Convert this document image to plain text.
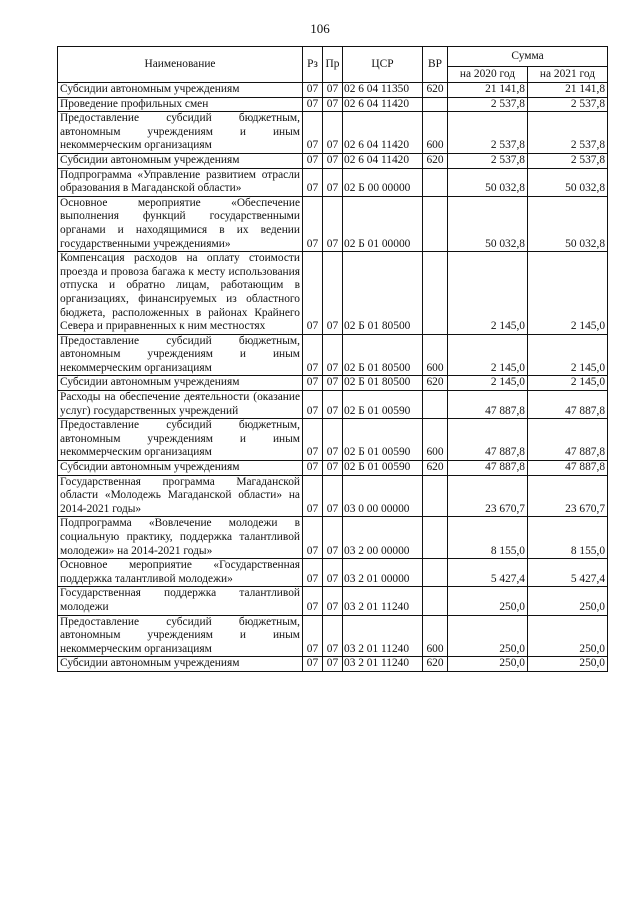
106
Наименование	Рз	Пр	ЦСР	ВР	Сумма	
					на 2020 год	на 2021 год
Субсидии автономным учреждениям	07	07	02 6 04 11350	620	21 141,8	21 141,8
Проведение профильных смен	07	07	02 6 04 11420		2 537,8	2 537,8
Предоставление субсидий бюджетным, автономным учреждениям и иным некоммерческим организациям	07	07	02 6 04 11420	600	2 537,8	2 537,8
Субсидии автономным учреждениям	07	07	02 6 04 11420	620	2 537,8	2 537,8
Подпрограмма «Управление развитием отрасли образования в Магаданской области»	07	07	02 Б 00 00000		50 032,8	50 032,8
Основное мероприятие «Обеспечение выполнения функций государственными органами и находящимися в их ведении государственными учреждениями»	07	07	02 Б 01 00000		50 032,8	50 032,8
Компенсация расходов на оплату стоимости проезда и провоза багажа к месту использования отпуска и обратно лицам, работающим в организациях, финансируемых из областного бюджета, расположенных в районах Крайнего Севера и приравненных к ним местностях	07	07	02 Б 01 80500		2 145,0	2 145,0
Предоставление субсидий бюджетным, автономным учреждениям и иным некоммерческим организациям	07	07	02 Б 01 80500	600	2 145,0	2 145,0
Субсидии автономным учреждениям	07	07	02 Б 01 80500	620	2 145,0	2 145,0
Расходы на обеспечение деятельности (оказание услуг) государственных учреждений	07	07	02 Б 01 00590		47 887,8	47 887,8
Предоставление субсидий бюджетным, автономным учреждениям и иным некоммерческим организациям	07	07	02 Б 01 00590	600	47 887,8	47 887,8
Субсидии автономным учреждениям	07	07	02 Б 01 00590	620	47 887,8	47 887,8
Государственная программа Магаданской области «Молодежь Магаданской области» на 2014-2021 годы»	07	07	03 0 00 00000		23 670,7	23 670,7
Подпрограмма «Вовлечение молодежи в социальную практику, поддержка талантливой молодежи» на 2014-2021 годы»	07	07	03 2 00 00000		8 155,0	8 155,0
Основное мероприятие «Государственная поддержка талантливой молодежи»	07	07	03 2 01 00000		5 427,4	5 427,4
Государственная поддержка талантливой молодежи	07	07	03 2 01 11240		250,0	250,0
Предоставление субсидий бюджетным, автономным учреждениям и иным некоммерческим организациям	07	07	03 2 01 11240	600	250,0	250,0
Субсидии автономным учреждениям	07	07	03 2 01 11240	620	250,0	250,0
